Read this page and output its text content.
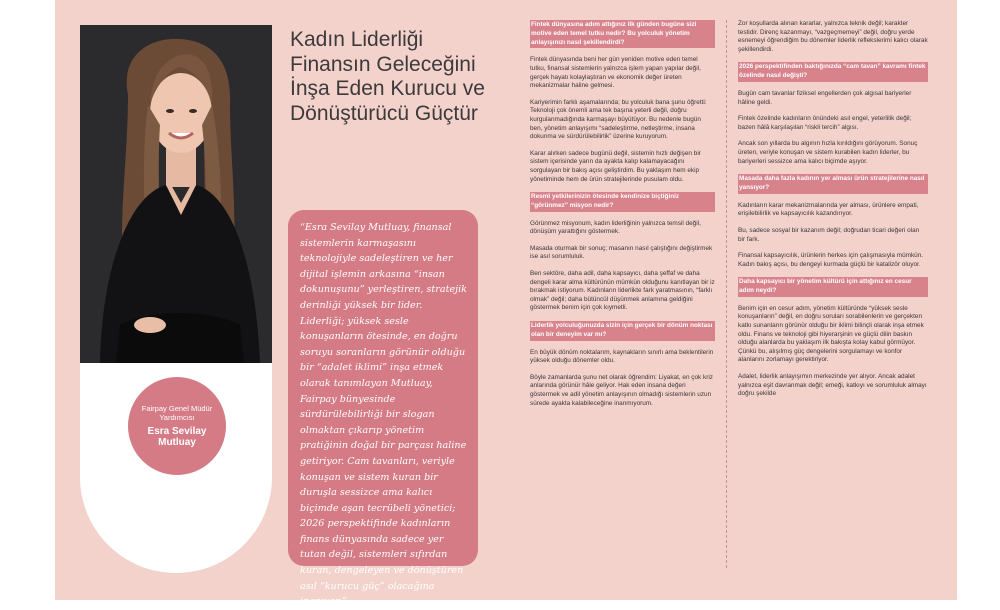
Fairpay Genel Müdür Yardımcısı
Esra Sevilay Mutluay
Kadın Liderliği Finansın Geleceğini İnşa Eden Kurucu ve Dönüştürücü Güçtür

“Esra Sevilay Mutluay, finansal sistemlerin karmaşasını teknolojiyle sadeleştiren ve her dijital işlemin arkasına “insan dokunuşunu” yerleştiren, stratejik derinliği yüksek bir lider. Liderliği; yüksek sesle konuşanların ötesinde, en doğru soruyu soranların görünür olduğu bir “adalet iklimi” inşa etmek olarak tanımlayan Mutluay, Fairpay bünyesinde sürdürülebilirliği bir slogan olmaktan çıkarıp yönetim pratiğinin doğal bir parçası haline getiriyor. Cam tavanları, veriyle konuşan ve sistem kuran bir duruşla sessizce ama kalıcı biçimde aşan tecrübeli yönetici; 2026 perspektifinde kadınların finans dünyasında sadece yer tutan değil, sistemleri sıfırdan kuran, dengeleyen ve dönüştüren asıl “kurucu güç” olacağına inanıyor.”

Fintek dünyasına adım attığınız ilk günden bugüne sizi motive eden temel tutku nedir? Bu yolculuk yönetim anlayışınızı nasıl şekillendirdi?

Fintek dünyasında beni her gün yeniden motive eden temel tutku, finansal sistemlerin yalnızca işlem yapan yapılar değil, gerçek hayatı kolaylaştıran ve ekonomik değer üreten mekanizmalar haline gelmesi.

Kariyerimin farklı aşamalarında; bu yolculuk bana şunu öğretti: Teknoloji çok önemli ama tek başına yeterli değil, doğru kurgulanmadığında karmaşayı büyütüyor. Bu nedenle bugün ben, yönetim anlayışımı “sadeleştirme, netleştirme, insana dokunma ve sürdürülebilirlik” üzerine kuruyorum.

Karar alırken sadece bugünü değil, sistemin hızlı değişen bir sistem içerisinde yarın da ayakta kalıp kalamayacağını sorgulayan bir bakış açısı geliştirdim. Bu yaklaşım hem ekip yönetiminde hem de ürün stratejilerinde pusulam oldu.

Resmî yetkilerinizin ötesinde kendinize biçtiğiniz “görünmez” misyon nedir?

Görünmez misyonum, kadın liderliğinin yalnızca temsil değil, dönüşüm yarattığını göstermek.

Masada oturmak bir sonuç; masanın nasıl çalıştığını değiştirmek ise asıl sorumluluk.

Ben sektöre, daha adil, daha kapsayıcı, daha şeffaf ve daha dengeli karar alma kültürünün mümkün olduğunu kanıtlayan bir iz bırakmak istiyorum. Kadınların liderlikte fark yaratmasının, “farklı olmak” değil; daha bütüncül düşünmek anlamına geldiğini göstermek benim için çok kıymetli.

Liderlik yolculuğunuzda sizin için gerçek bir dönüm noktası olan bir deneyim var mı?

En büyük dönüm noktalarım, kaynakların sınırlı ama beklentilerin yüksek olduğu dönemler oldu.

Böyle zamanlarda şunu net olarak öğrendim: Liyakat, en çok kriz anlarında görünür hâle geliyor. Hak eden insana değeri göstermek ve adil yönetim anlayışının olmadığı sistemlerin uzun sürede ayakta kalabileceğine inanmıyorum.

Zor koşullarda alınan kararlar, yalnızca teknik değil; karakter testidir. Direnç kazanmayı, “vazgeçmemeyi” değil, doğru yerde esnemeyi öğrendiğim bu dönemler liderlik reflekslerimi kalıcı olarak şekillendirdi.

2026 perspektifinden baktığınızda “cam tavan” kavramı fintek özelinde nasıl değişti?

Bugün cam tavanlar fiziksel engellerden çok algısal bariyerler hâline geldi.

Fintek özelinde kadınların önündeki asıl engel, yeterlilik değil; bazen hâlâ karşılaşılan “riskli tercih” algısı.

Ancak son yıllarda bu algının hızla kırıldığını görüyorum. Sonuç üreten, veriyle konuşan ve sistem kurabilen kadın liderler, bu bariyerleri sessizce ama kalıcı biçimde aşıyor.

Masada daha fazla kadının yer alması ürün stratejilerine nasıl yansıyor?

Kadınların karar mekanizmalarında yer alması, ürünlere empati, erişilebilirlik ve kapsayıcılık kazandırıyor.

Bu, sadece sosyal bir kazanım değil; doğrudan ticari değeri olan bir fark.

Finansal kapsayıcılık, ürünlerin herkes için çalışmasıyla mümkün. Kadın bakış açısı, bu dengeyi kurmada güçlü bir katalizör oluyor.

Daha kapsayıcı bir yönetim kültürü için attığınız en cesur adım neydi?

Benim için en cesur adım, yönetim kültüründe “yüksek sesle konuşanların” değil, en doğru soruları sorabilenlerin ve gerçekten katkı sunanların görünür olduğu bir iklimi bilinçli olarak inşa etmek oldu. Finans ve teknoloji gibi hiyerarşinin ve güçlü dilin baskın olduğu alanlarda bu yaklaşım ilk bakışta kolay kabul görmüyor. Çünkü bu, alışılmış güç dengelerini sorgulamayı ve konfor alanlarını zorlamayı gerektiriyor.

Adalet, liderlik anlayışımın merkezinde yer alıyor. Ancak adalet yalnızca eşit davranmak değil; emeği, katkıyı ve sorumluluk almayı doğru şekilde
